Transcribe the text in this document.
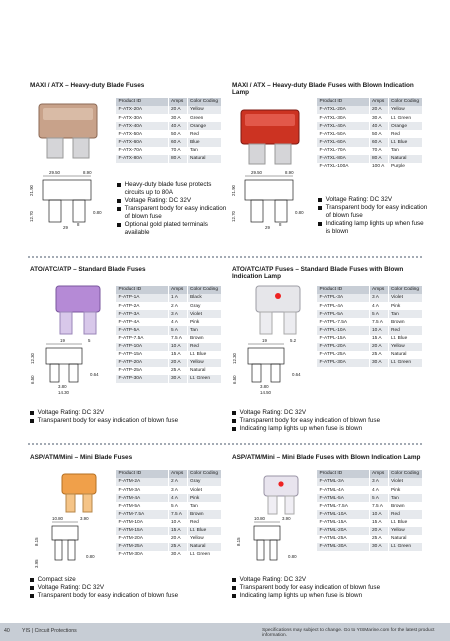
MAXI / ATX – Heavy-duty Blade Fuses
29.50	8.90
21.90
12.70	0.80
29
8
Product ID	Amps	Color Coding
F-ATX-20A	20 A	Yellow
F-ATX-30A	30 A	Green
F-ATX-40A	40 A	Orange
F-ATX-50A	50 A	Red
F-ATX-60A	60 A	Blue
F-ATX-70A	70 A	Tan
F-ATX-80A	80 A	Natural
Heavy-duty blade fuse protects circuits up to 80A
Voltage Rating: DC 32V
Transparent body for easy indication of blown fuse
Optional gold plated terminals available
MAXI / ATX – Heavy-duty Blade Fuses with Blown Indication Lamp
29.50	8.90
21.90
12.70	0.80
29
8
Product ID	Amps	Color Coding
F-ATXL-20A	20 A	Yellow
F-ATXL-30A	30 A	Lt. Green
F-ATXL-40A	40 A	Orange
F-ATXL-50A	50 A	Red
F-ATXL-60A	60 A	Lt. Blue
F-ATXL-70A	70 A	Tan
F-ATXL-80A	80 A	Natural
F-ATXL-100A	100 A	Purple
Voltage Rating: DC 32V
Transparent body for easy indication of blown fuse
Indicating lamp lights up when fuse is blown
ATO/ATC/ATP – Standard Blade Fuses
19	5
12.30
6.50
0.64
3.80
14.30
Product ID	Amps	Color Coding
F-ATP-1A	1 A	Black
F-ATP-2A	2 A	Gray
F-ATP-3A	3 A	Violet
F-ATP-4A	4 A	Pink
F-ATP-5A	5 A	Tan
F-ATP-7.5A	7.5 A	Brown
F-ATP-10A	10 A	Red
F-ATP-15A	15 A	Lt. Blue
F-ATP-20A	20 A	Yellow
F-ATP-25A	25 A	Natural
F-ATP-30A	30 A	Lt. Green
Voltage Rating: DC 32V
Transparent body for easy indication of blown fuse
ATO/ATC/ATP Fuses – Standard Blade Fuses with Blown Indication Lamp
19	5.2
12.30
6.50
0.64
3.80
14.50
Product ID	Amps	Color Coding
F-ATPL-3A	3 A	Violet
F-ATPL-4A	4 A	Pink
F-ATPL-5A	5 A	Tan
F-ATPL-7.5A	7.5 A	Brown
F-ATPL-10A	10 A	Red
F-ATPL-15A	15 A	Lt. Blue
F-ATPL-20A	20 A	Yellow
F-ATPL-25A	25 A	Natural
F-ATPL-30A	30 A	Lt. Green
Voltage Rating: DC 32V
Transparent body for easy indication of blown fuse
Indicating lamp lights up when fuse is blown
ASP/ATM/Mini – Mini Blade Fuses
10.80	3.90
8.15
0.80
3.95
Product ID	Amps	Color Coding
F-ATM-2A	2 A	Gray
F-ATM-3A	3 A	Violet
F-ATM-4A	4 A	Pink
F-ATM-5A	5 A	Tan
F-ATM-7.5A	7.5 A	Brown
F-ATM-10A	10 A	Red
F-ATM-15A	15 A	Lt. Blue
F-ATM-20A	20 A	Yellow
F-ATM-25A	25 A	Natural
F-ATM-30A	30 A	Lt. Green
Compact size
Voltage Rating: DC 32V
Transparent body for easy indication of blown fuse
ASP/ATM/Mini – Mini Blade Fuses with Blown Indication Lamp
10.80	3.90
8.15
0.80
Product ID	Amps	Color Coding
F-ATML-3A	3 A	Violet
F-ATML-4A	4 A	Pink
F-ATML-5A	5 A	Tan
F-ATML-7.5A	7.5 A	Brown
F-ATML-10A	10 A	Red
F-ATML-15A	15 A	Lt. Blue
F-ATML-20A	20 A	Yellow
F-ATML-25A	25 A	Natural
F-ATML-30A	30 A	Lt. Green
Voltage Rating: DC 32V
Transparent body for easy indication of blown fuse
Indicating lamp lights up when fuse is blown
40 YIS | Circuit Protections	Specifications may subject to change. Go to YISMarine.com for the latest product information.
